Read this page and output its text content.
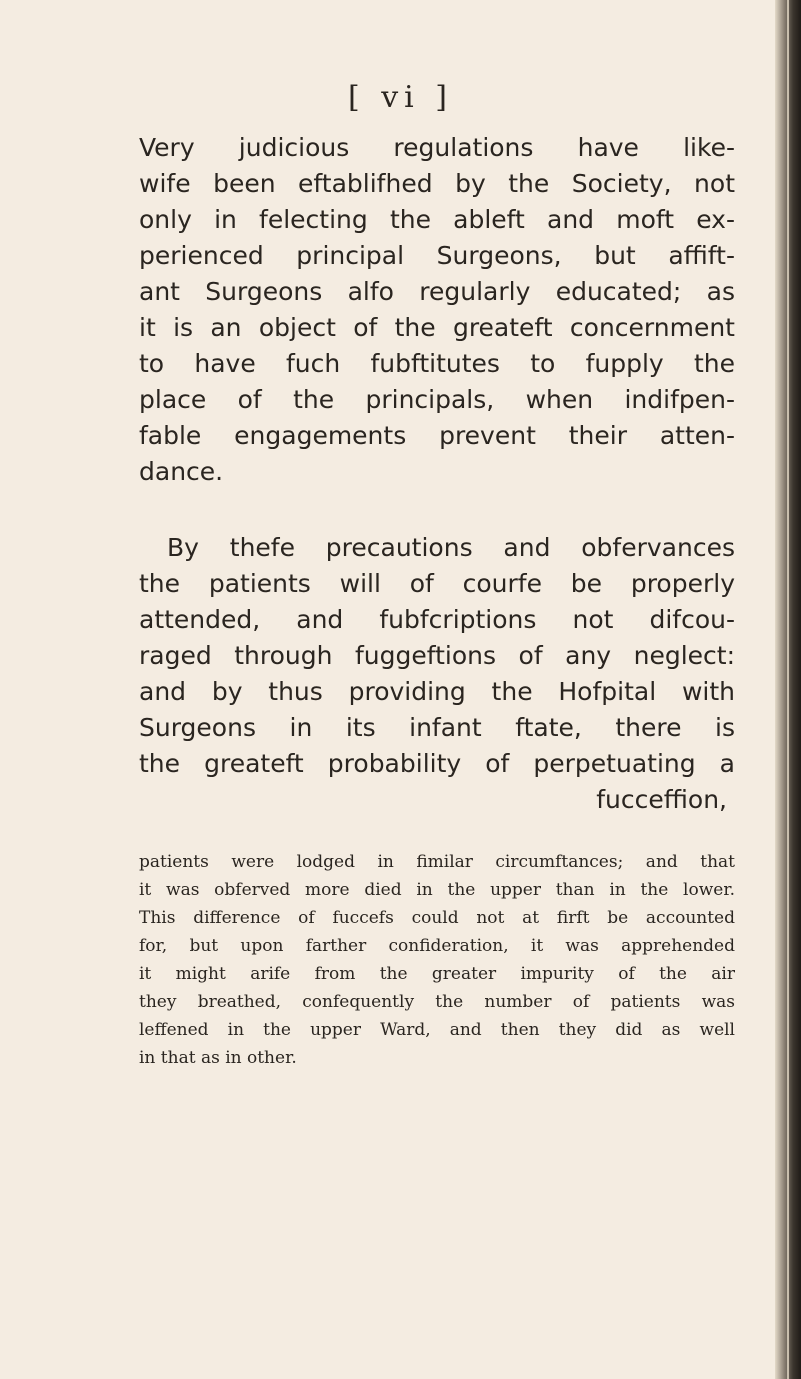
[ vi ]
Very judicious regulations have like-
wife been eftablifhed by the Society, not
only in felecting the ableft and moft ex-
perienced principal Surgeons, but affift-
ant Surgeons alfo regularly educated; as
it is an object of the greateft concernment
to have fuch fubftitutes to fupply the
place of the principals, when indifpen-
fable engagements prevent their atten-
dance.
By thefe precautions and obfervances
the patients will of courfe be properly
attended, and fubfcriptions not difcou-
raged through fuggeftions of any neglect:
and by thus providing the Hofpital with
Surgeons in its infant ftate, there is
the greateft probability of perpetuating a
fucceffion,
patients were lodged in fimilar circumftances; and that
it was obferved more died in the upper than in the lower.
This difference of fuccefs could not at firft be accounted
for, but upon farther confideration, it was apprehended
it might arife from the greater impurity of the air
they breathed, confequently the number of patients was
leffened in the upper Ward, and then they did as well
in that as in other.
